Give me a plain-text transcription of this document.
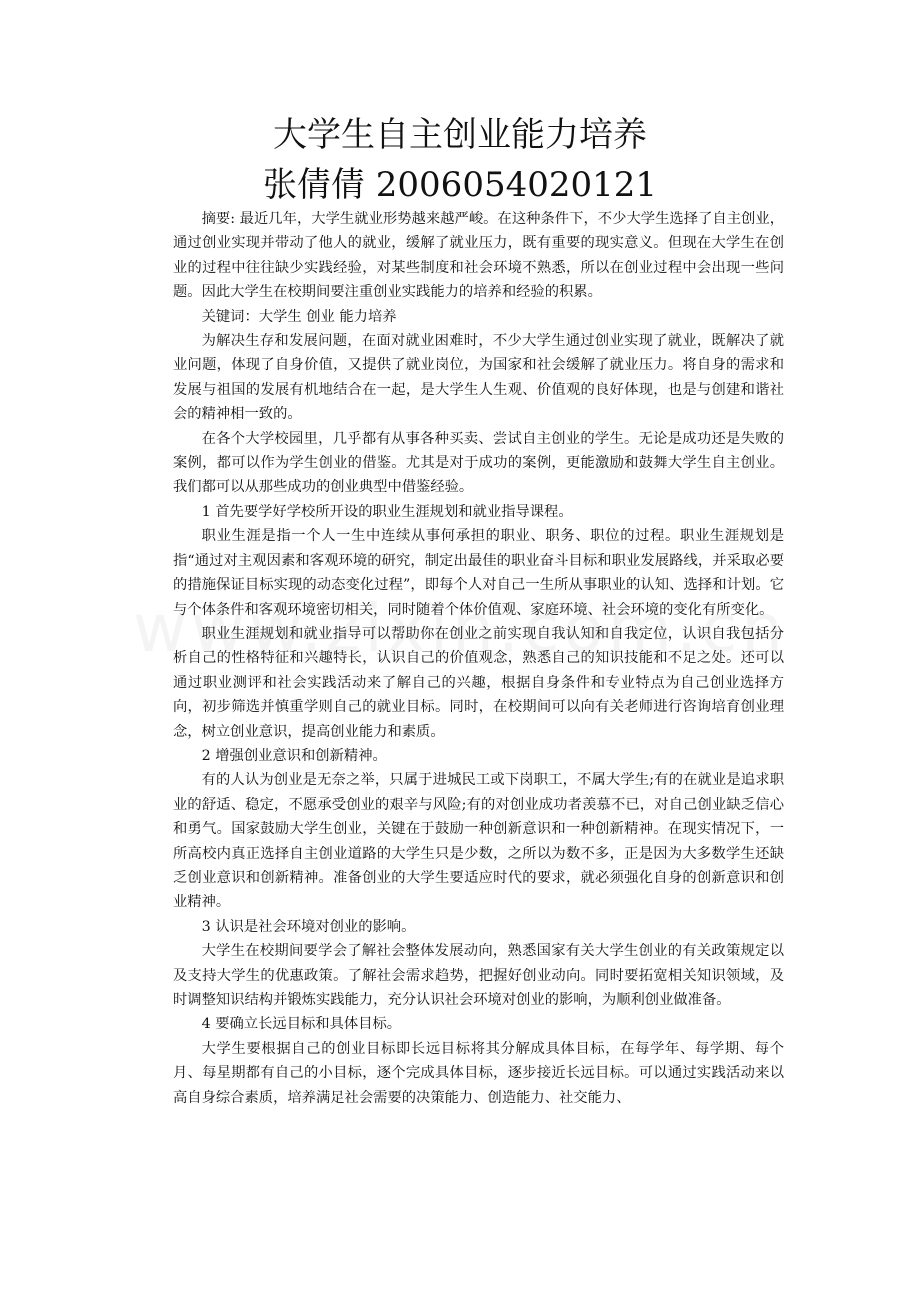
大学生自主创业能力培养
张倩倩 2006054020121

摘要: 最近几年，大学生就业形势越来越严峻。在这种条件下，不少大学生选择了自主创业，通过创业实现并带动了他人的就业，缓解了就业压力，既有重要的现实意义。但现在大学生在创业的过程中往往缺少实践经验，对某些制度和社会环境不熟悉，所以在创业过程中会出现一些问题。因此大学生在校期间要注重创业实践能力的培养和经验的积累。

关键词：大学生 创业 能力培养

为解决生存和发展问题，在面对就业困难时，不少大学生通过创业实现了就业，既解决了就业问题，体现了自身价值，又提供了就业岗位，为国家和社会缓解了就业压力。将自身的需求和发展与祖国的发展有机地结合在一起，是大学生人生观、价值观的良好体现，也是与创建和谐社会的精神相一致的。

在各个大学校园里，几乎都有从事各种买卖、尝试自主创业的学生。无论是成功还是失败的案例，都可以作为学生创业的借鉴。尤其是对于成功的案例，更能激励和鼓舞大学生自主创业。我们都可以从那些成功的创业典型中借鉴经验。

1 首先要学好学校所开设的职业生涯规划和就业指导课程。

职业生涯是指一个人一生中连续从事何承担的职业、职务、职位的过程。职业生涯规划是指“通过对主观因素和客观环境的研究，制定出最佳的职业奋斗目标和职业发展路线，并采取必要的措施保证目标实现的动态变化过程”，即每个人对自己一生所从事职业的认知、选择和计划。它与个体条件和客观环境密切相关，同时随着个体价值观、家庭环境、社会环境的变化有所变化。

职业生涯规划和就业指导可以帮助你在创业之前实现自我认知和自我定位，认识自我包括分析自己的性格特征和兴趣特长，认识自己的价值观念，熟悉自己的知识技能和不足之处。还可以通过职业测评和社会实践活动来了解自己的兴趣，根据自身条件和专业特点为自己创业选择方向，初步筛选并慎重学则自己的就业目标。同时，在校期间可以向有关老师进行咨询培育创业理念，树立创业意识，提高创业能力和素质。

2 增强创业意识和创新精神。

有的人认为创业是无奈之举，只属于进城民工或下岗职工，不属大学生;有的在就业是追求职业的舒适、稳定，不愿承受创业的艰辛与风险;有的对创业成功者羡慕不已，对自己创业缺乏信心和勇气。国家鼓励大学生创业，关键在于鼓励一种创新意识和一种创新精神。在现实情况下，一所高校内真正选择自主创业道路的大学生只是少数，之所以为数不多，正是因为大多数学生还缺乏创业意识和创新精神。准备创业的大学生要适应时代的要求，就必须强化自身的创新意识和创业精神。

3 认识是社会环境对创业的影响。

大学生在校期间要学会了解社会整体发展动向，熟悉国家有关大学生创业的有关政策规定以及支持大学生的优惠政策。了解社会需求趋势，把握好创业动向。同时要拓宽相关知识领域，及时调整知识结构并锻炼实践能力，充分认识社会环境对创业的影响，为顺利创业做准备。

4 要确立长远目标和具体目标。

大学生要根据自己的创业目标即长远目标将其分解成具体目标，在每学年、每学期、每个月、每星期都有自己的小目标，逐个完成具体目标，逐步接近长远目标。可以通过实践活动来以高自身综合素质，培养满足社会需要的决策能力、创造能力、社交能力、
